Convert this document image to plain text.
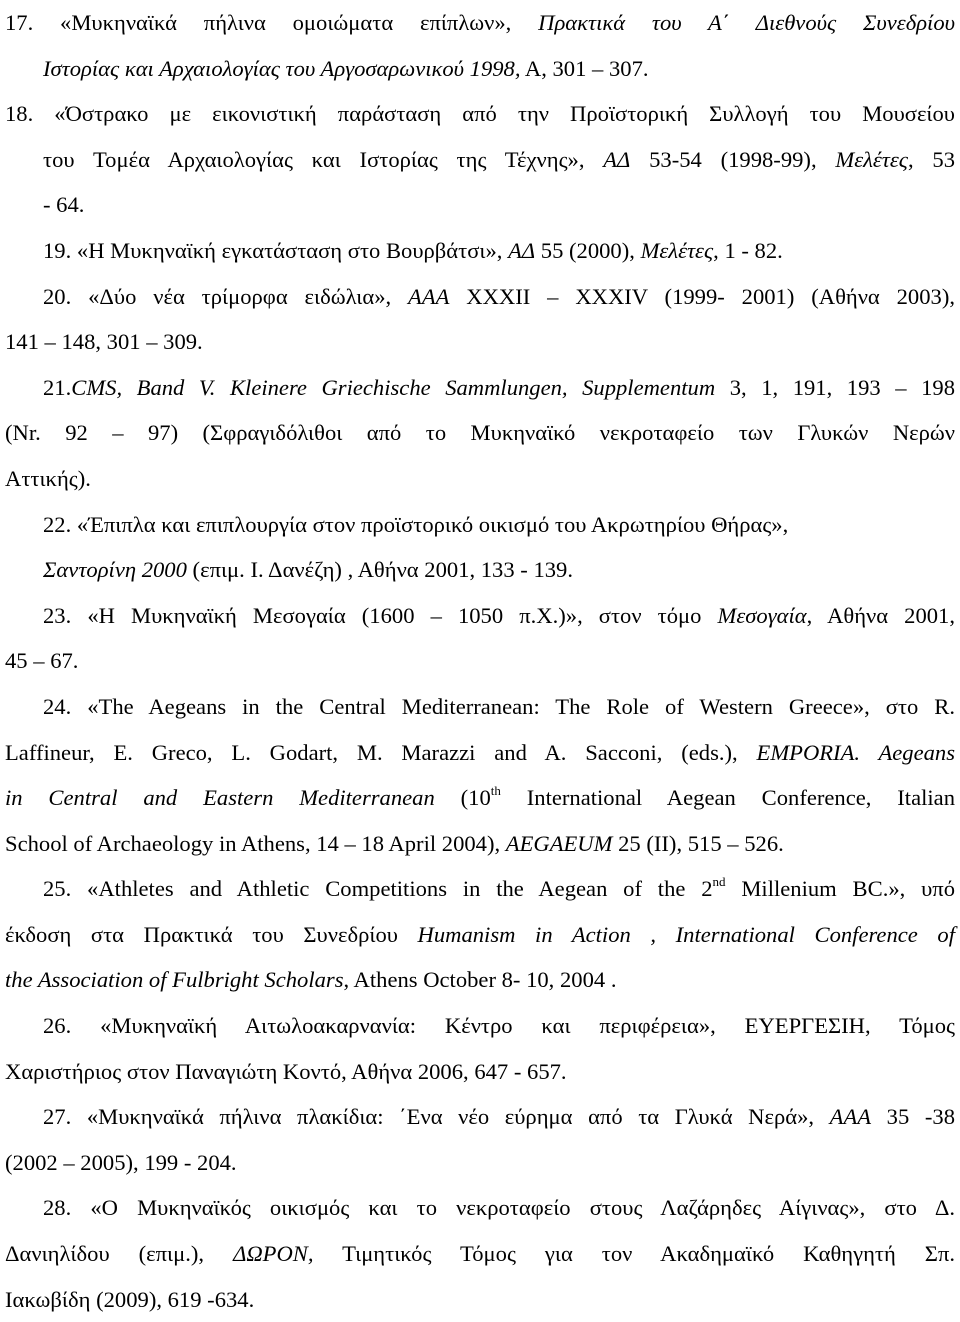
17. «Μυκηναϊκά πήλινα ομοιώματα επίπλων», Πρακτικά του Α΄ Διεθνούς Συνεδρίου
Ιστορίας και Αρχαιολογίας του Αργοσαρωνικού 1998, Α, 301 – 307.
18. «Όστρακο με εικονιστική παράσταση από την Προϊστορική Συλλογή του Μουσείου
του Τομέα Αρχαιολογίας και Ιστορίας της Τέχνης», ΑΔ 53-54 (1998-99), Μελέτες, 53
- 64.
19. «Η Μυκηναϊκή εγκατάσταση στο Βουρβάτσι», ΑΔ 55 (2000), Μελέτες, 1 - 82.
20. «Δύο νέα τρίμορφα ειδώλια», ΑΑΑ XXXII – XXXIV (1999- 2001) (Αθήνα 2003),
141 – 148, 301 – 309.
21.CMS, Band V. Kleinere Griechische Sammlungen, Supplementum 3, 1, 191, 193 – 198
(Nr. 92 – 97) (Σφραγιδόλιθοι από το Μυκηναϊκό νεκροταφείο των Γλυκών Νερών
Αττικής).
22. «Έπιπλα και επιπλουργία στον προϊστορικό οικισμό του Ακρωτηρίου Θήρας»,
Σαντορίνη 2000 (επιμ. Ι. Δανέζη) , Αθήνα 2001, 133 - 139.
23. «Η Μυκηναϊκή Μεσογαία (1600 – 1050 π.Χ.)», στον τόμο Μεσογαία, Αθήνα 2001,
45 – 67.
24. «The Aegeans in the Central Mediterranean: The Role of Western Greece», στο R.
Laffineur, E. Greco, L. Godart, M. Marazzi and A. Sacconi, (eds.), EMPORIA. Aegeans
in Central and Eastern Mediterranean (10th International Aegean Conference, Italian
School of Archaeology in Athens, 14 – 18 April 2004), AEGAEUM 25 (II), 515 – 526.
25. «Athletes and Athletic Competitions in the Aegean of the 2nd Millenium BC.», υπό
έκδοση στα Πρακτικά του Συνεδρίου Humanism in Action , International Conference of
the Association of Fulbright Scholars, Athens October 8- 10, 2004 .
26. «Μυκηναϊκή Αιτωλοακαρνανία: Κέντρο και περιφέρεια», ΕΥΕΡΓΕΣΙΗ, Τόμος
Χαριστήριος στον Παναγιώτη Κοντό, Αθήνα 2006, 647 - 657.
27. «Μυκηναϊκά πήλινα πλακίδια: ΄Ενα νέο εύρημα από τα Γλυκά Νερά», ΑΑΑ 35 -38
(2002 – 2005), 199 - 204.
28. «Ο Μυκηναϊκός οικισμός και το νεκροταφείο στους Λαζάρηδες Αίγινας», στο Δ.
Δανιηλίδου (επιμ.), ΔΩΡΟΝ, Τιμητικός Τόμος για τον Ακαδημαϊκό Καθηγητή Σπ.
Ιακωβίδη (2009), 619 -634.
